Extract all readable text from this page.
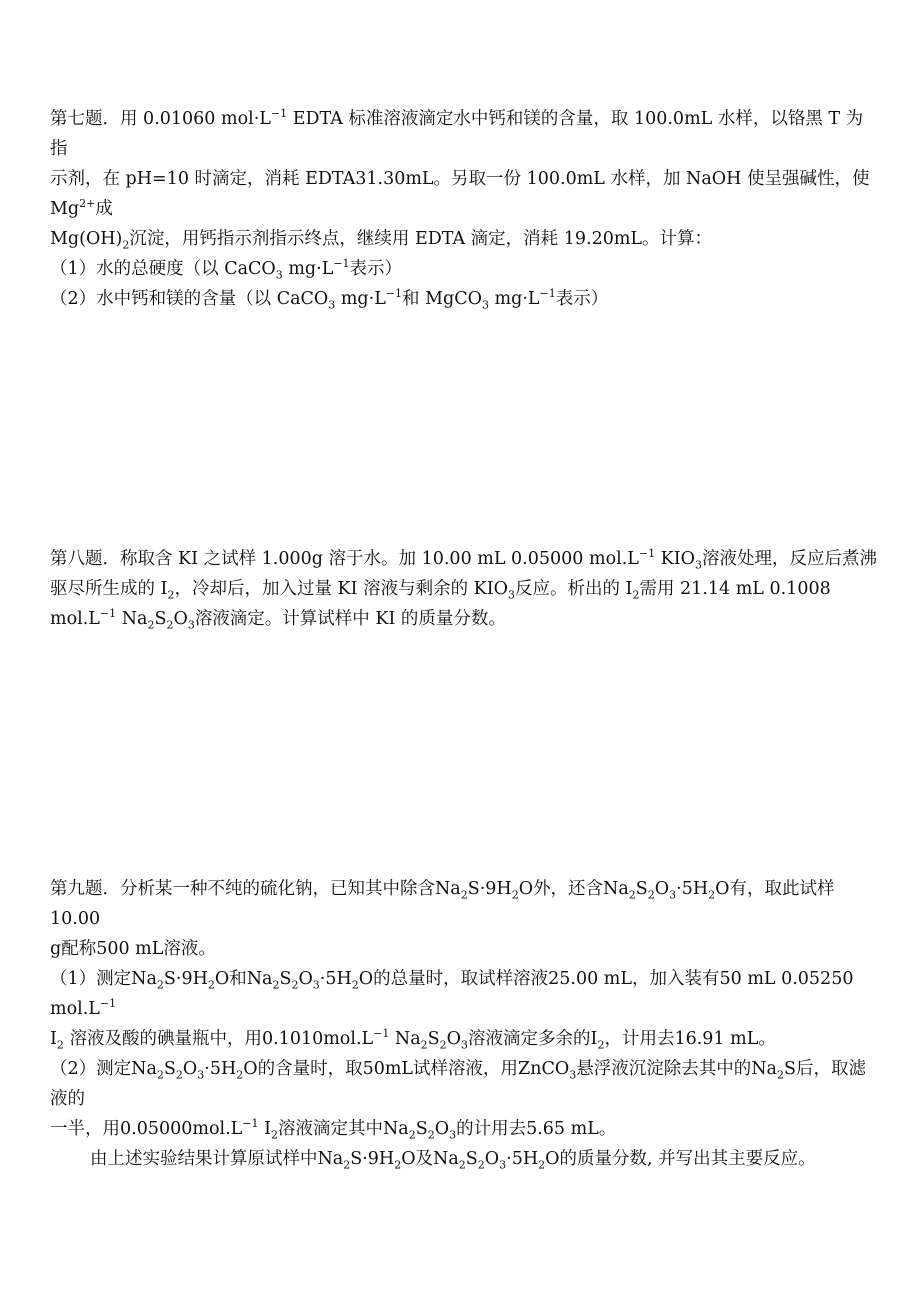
第七题．用 0.01060 $mol\cdot L^{-1}$ EDTA 标准溶液滴定水中钙和镁的含量，取 100.0mL 水样，以铬黑 T 为指

示剂，在 pH=10 时滴定，消耗 EDTA31.30mL。另取一份 100.0mL 水样，加 NaOH 使呈强碱性，使 $Mg^{2+}$成

$Mg(OH)_2$沉淀，用钙指示剂指示终点，继续用 EDTA 滴定，消耗 19.20mL。计算：

（1）水的总硬度（以 CaCO$_3$ $mg\cdot L^{-1}$表示）

（2）水中钙和镁的含量（以 CaCO$_3$ $mg\cdot L^{-1}$和 MgCO$_3$ $mg\cdot L^{-1}$表示）

第八题．称取含 KI 之试样 1.000g 溶于水。加 10.00 mL 0.05000 $mol.L^{-1}$ $KIO_3$溶液处理，反应后煮沸

驱尽所生成的 $I_2$，冷却后，加入过量 KI 溶液与剩余的 $KIO_3$反应。析出的 $I_2$需用 21.14 mL 0.1008

$mol.L^{-1}$ $Na_2S_2O_3$溶液滴定。计算试样中 KI 的质量分数。

第九题．分析某一种不纯的硫化钠，已知其中除含$Na_2S\cdot 9H_2O$外，还含$Na_2S_2O_3\cdot 5H_2O$有，取此试样10.00

g配称500 mL溶液。

（1）测定$Na_2S\cdot 9H_2O$和$Na_2S_2O_3\cdot 5H_2O$的总量时，取试样溶液25.00 mL，加入装有50 mL 0.05250 $mol.L^{-1}$

$I_2$ 溶液及酸的碘量瓶中，用$0.1010mol.L^{-1}$ $Na_2S_2O_3$溶液滴定多余的$I_2$，计用去16.91 mL。

（2）测定$Na_2S_2O_3\cdot 5H_2O$的含量时，取50mL试样溶液，用ZnCO$_3$悬浮液沉淀除去其中的$Na_2S$后，取滤液的

一半，用$0.05000mol.L^{-1}$ $I_2$溶液滴定其中$Na_2S_2O_3$的计用去5.65 mL。

由上述实验结果计算原试样中$Na_2S\cdot 9H_2O$及$Na_2S_2O_3\cdot 5H_2O$的质量分数, 并写出其主要反应。
